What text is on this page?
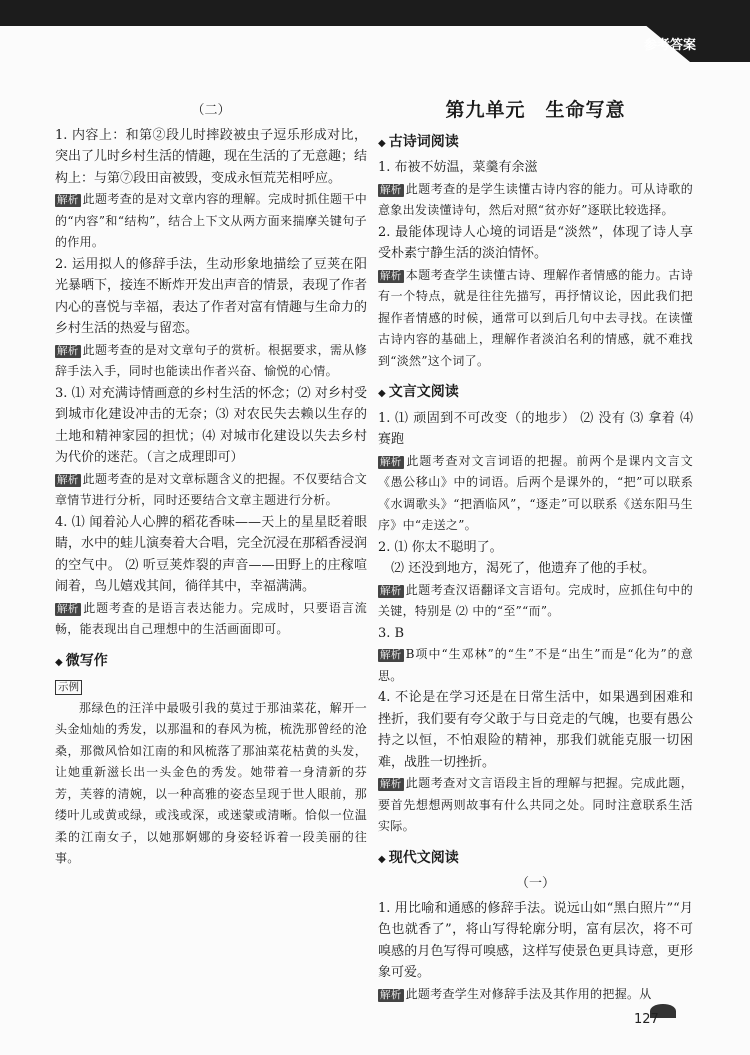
参考答案
（二）

1. 内容上：和第②段儿时摔跤被虫子逗乐形成对比，突出了儿时乡村生活的情趣，现在生活的了无意趣；结构上：与第⑦段田亩被毁，变成永恒荒芜相呼应。

解析 此题考查的是对文章内容的理解。完成时抓住题干中的“内容”和“结构”，结合上下文从两方面来揣摩关键句子的作用。

2. 运用拟人的修辞手法，生动形象地描绘了豆荚在阳光暴晒下，接连不断炸开发出声音的情景，表现了作者内心的喜悦与幸福，表达了作者对富有情趣与生命力的乡村生活的热爱与留恋。

解析 此题考查的是对文章句子的赏析。根据要求，需从修辞手法入手，同时也能读出作者兴奋、愉悦的心情。

3. ⑴ 对充满诗情画意的乡村生活的怀念；⑵ 对乡村受到城市化建设冲击的无奈；⑶ 对农民失去赖以生存的土地和精神家园的担忧；⑷ 对城市化建设以失去乡村为代价的迷茫。（言之成理即可）

解析 此题考查的是对文章标题含义的把握。不仅要结合文章情节进行分析，同时还要结合文章主题进行分析。

4. ⑴ 闻着沁人心脾的稻花香味——天上的星星眨着眼睛，水中的蛙儿演奏着大合唱，完全沉浸在那稻香浸润的空气中。 ⑵ 听豆荚炸裂的声音——田野上的庄稼喧闹着，鸟儿嬉戏其间，徜徉其中，幸福满满。

解析 此题考查的是语言表达能力。完成时，只要语言流畅，能表现出自己理想中的生活画面即可。

◆ 微写作
示例

那绿色的汪洋中最吸引我的莫过于那油菜花，解开一头金灿灿的秀发，以那温和的春风为梳，梳洗那曾经的沧桑，那微风恰如江南的和风梳落了那油菜花枯黄的头发，让她重新滋长出一头金色的秀发。她带着一身清新的芬芳，芙蓉的清婉，以一种高雅的姿态呈现于世人眼前，那缕叶儿或黄或绿，或浅或深，或迷蒙或清晰。恰似一位温柔的江南女子，以她那婀娜的身姿轻诉着一段美丽的往事。

第九单元　生命写意
◆ 古诗词阅读

1. 布被不妨温，菜羹有余滋

解析 此题考查的是学生读懂古诗内容的能力。可从诗歌的意象出发读懂诗句，然后对照“贫亦好”逐联比较选择。

2. 最能体现诗人心境的词语是“淡然”，体现了诗人享受朴素宁静生活的淡泊情怀。

解析 本题考查学生读懂古诗、理解作者情感的能力。古诗有一个特点，就是往往先描写，再抒情议论，因此我们把握作者情感的时候，通常可以到后几句中去寻找。在读懂古诗内容的基础上，理解作者淡泊名利的情感，就不难找到“淡然”这个词了。

◆ 文言文阅读

1. ⑴ 顽固到不可改变（的地步） ⑵ 没有 ⑶ 拿着 ⑷ 赛跑

解析 此题考查对文言词语的把握。前两个是课内文言文《愚公移山》中的词语。后两个是课外的，“把”可以联系《水调歌头》“把酒临风”，“逐走”可以联系《送东阳马生序》中“走送之”。

2. ⑴ 你太不聪明了。

⑵ 还没到地方，渴死了，他遗弃了他的手杖。

解析 此题考查汉语翻译文言语句。完成时，应抓住句中的关键，特别是 ⑵ 中的“至”“而”。

3. B

解析 B项中“生邓林”的“生”不是“出生”而是“化为”的意思。

4. 不论是在学习还是在日常生活中，如果遇到困难和挫折，我们要有夸父敢于与日竞走的气魄，也要有愚公持之以恒，不怕艰险的精神，那我们就能克服一切困难，战胜一切挫折。

解析 此题考查对文言语段主旨的理解与把握。完成此题，要首先想想两则故事有什么共同之处。同时注意联系生活实际。

◆ 现代文阅读
（一）

1. 用比喻和通感的修辞手法。说远山如“黑白照片”“月色也就香了”，将山写得轮廓分明，富有层次，将不可嗅感的月色写得可嗅感，这样写使景色更具诗意，更形象可爱。

解析 此题考查学生对修辞手法及其作用的把握。从

127
